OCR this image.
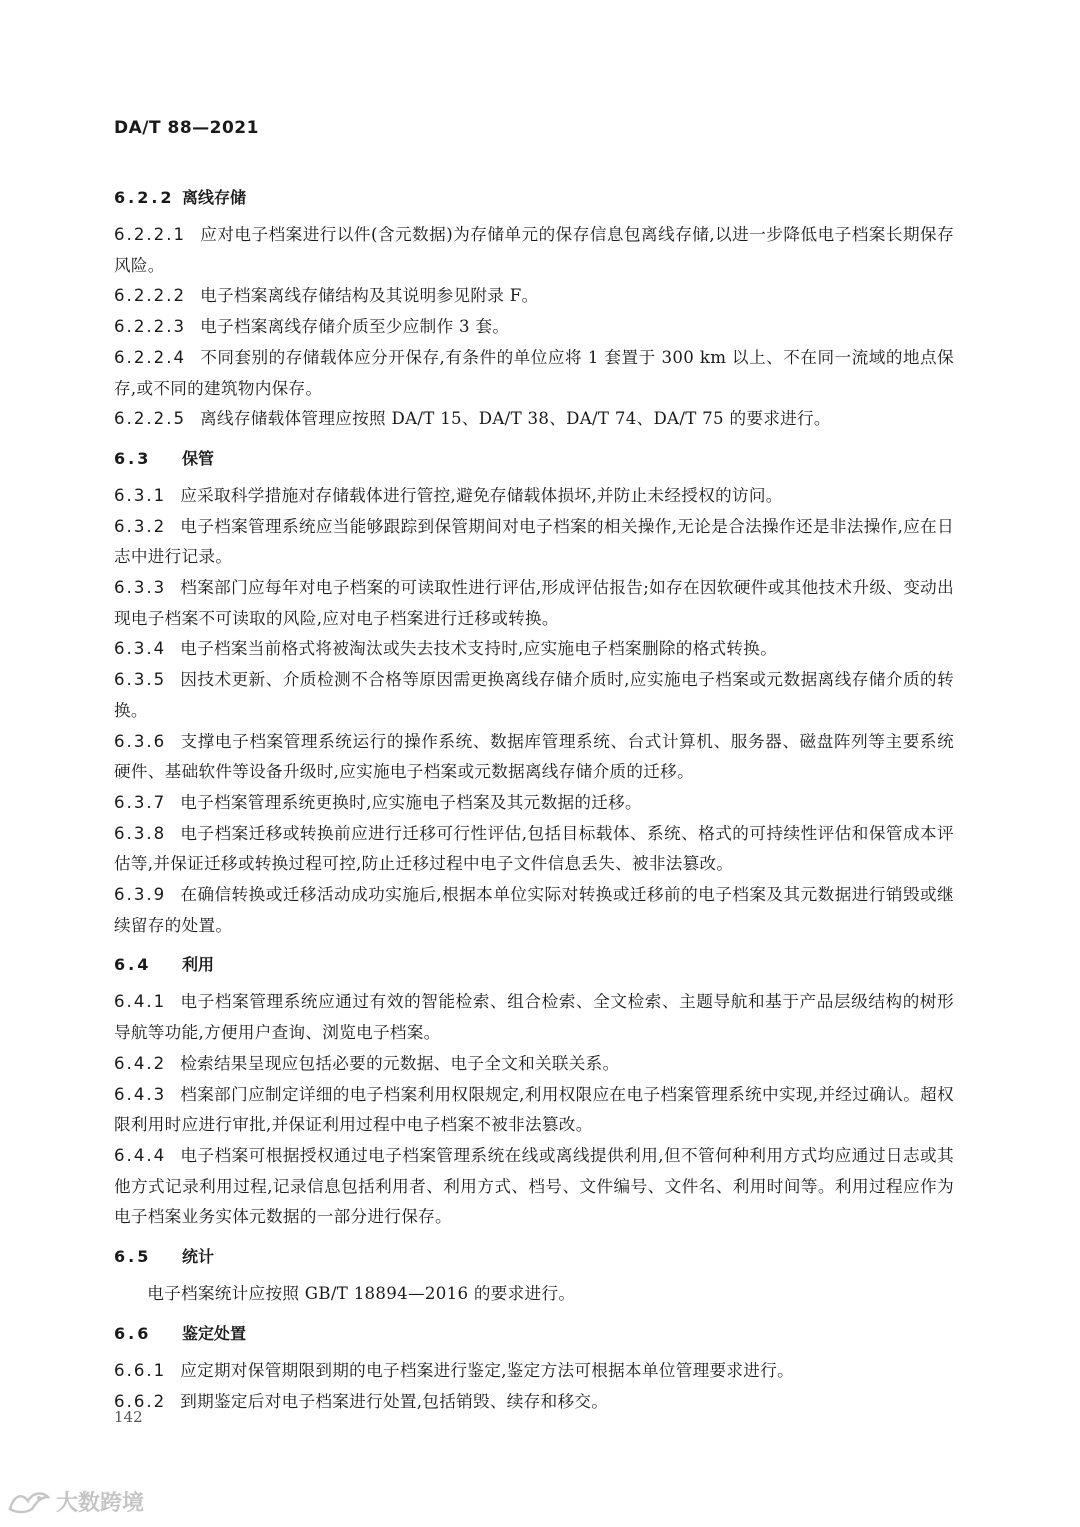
DA/T 88—2021
6.2.2 离线存储

6.2.2.1 应对电子档案进行以件(含元数据)为存储单元的保存信息包离线存储,以进一步降低电子档案长期保存风险。

6.2.2.2 电子档案离线存储结构及其说明参见附录 F。

6.2.2.3 电子档案离线存储介质至少应制作 3 套。

6.2.2.4 不同套别的存储载体应分开保存,有条件的单位应将 1 套置于 300 km 以上、不在同一流域的地点保存,或不同的建筑物内保存。

6.2.2.5 离线存储载体管理应按照 DA/T 15、DA/T 38、DA/T 74、DA/T 75 的要求进行。

6.3 保管

6.3.1 应采取科学措施对存储载体进行管控,避免存储载体损坏,并防止未经授权的访问。

6.3.2 电子档案管理系统应当能够跟踪到保管期间对电子档案的相关操作,无论是合法操作还是非法操作,应在日志中进行记录。

6.3.3 档案部门应每年对电子档案的可读取性进行评估,形成评估报告;如存在因软硬件或其他技术升级、变动出现电子档案不可读取的风险,应对电子档案进行迁移或转换。

6.3.4 电子档案当前格式将被淘汰或失去技术支持时,应实施电子档案删除的格式转换。

6.3.5 因技术更新、介质检测不合格等原因需更换离线存储介质时,应实施电子档案或元数据离线存储介质的转换。

6.3.6 支撑电子档案管理系统运行的操作系统、数据库管理系统、台式计算机、服务器、磁盘阵列等主要系统硬件、基础软件等设备升级时,应实施电子档案或元数据离线存储介质的迁移。

6.3.7 电子档案管理系统更换时,应实施电子档案及其元数据的迁移。

6.3.8 电子档案迁移或转换前应进行迁移可行性评估,包括目标载体、系统、格式的可持续性评估和保管成本评估等,并保证迁移或转换过程可控,防止迁移过程中电子文件信息丢失、被非法篡改。

6.3.9 在确信转换或迁移活动成功实施后,根据本单位实际对转换或迁移前的电子档案及其元数据进行销毁或继续留存的处置。

6.4 利用

6.4.1 电子档案管理系统应通过有效的智能检索、组合检索、全文检索、主题导航和基于产品层级结构的树形导航等功能,方便用户查询、浏览电子档案。

6.4.2 检索结果呈现应包括必要的元数据、电子全文和关联关系。

6.4.3 档案部门应制定详细的电子档案利用权限规定,利用权限应在电子档案管理系统中实现,并经过确认。超权限利用时应进行审批,并保证利用过程中电子档案不被非法篡改。

6.4.4 电子档案可根据授权通过电子档案管理系统在线或离线提供利用,但不管何种利用方式均应通过日志或其他方式记录利用过程,记录信息包括利用者、利用方式、档号、文件编号、文件名、利用时间等。利用过程应作为电子档案业务实体元数据的一部分进行保存。

6.5 统计

电子档案统计应按照 GB/T 18894—2016 的要求进行。

6.6 鉴定处置

6.6.1 应定期对保管期限到期的电子档案进行鉴定,鉴定方法可根据本单位管理要求进行。

6.6.2 到期鉴定后对电子档案进行处置,包括销毁、续存和移交。

142
大数跨境
